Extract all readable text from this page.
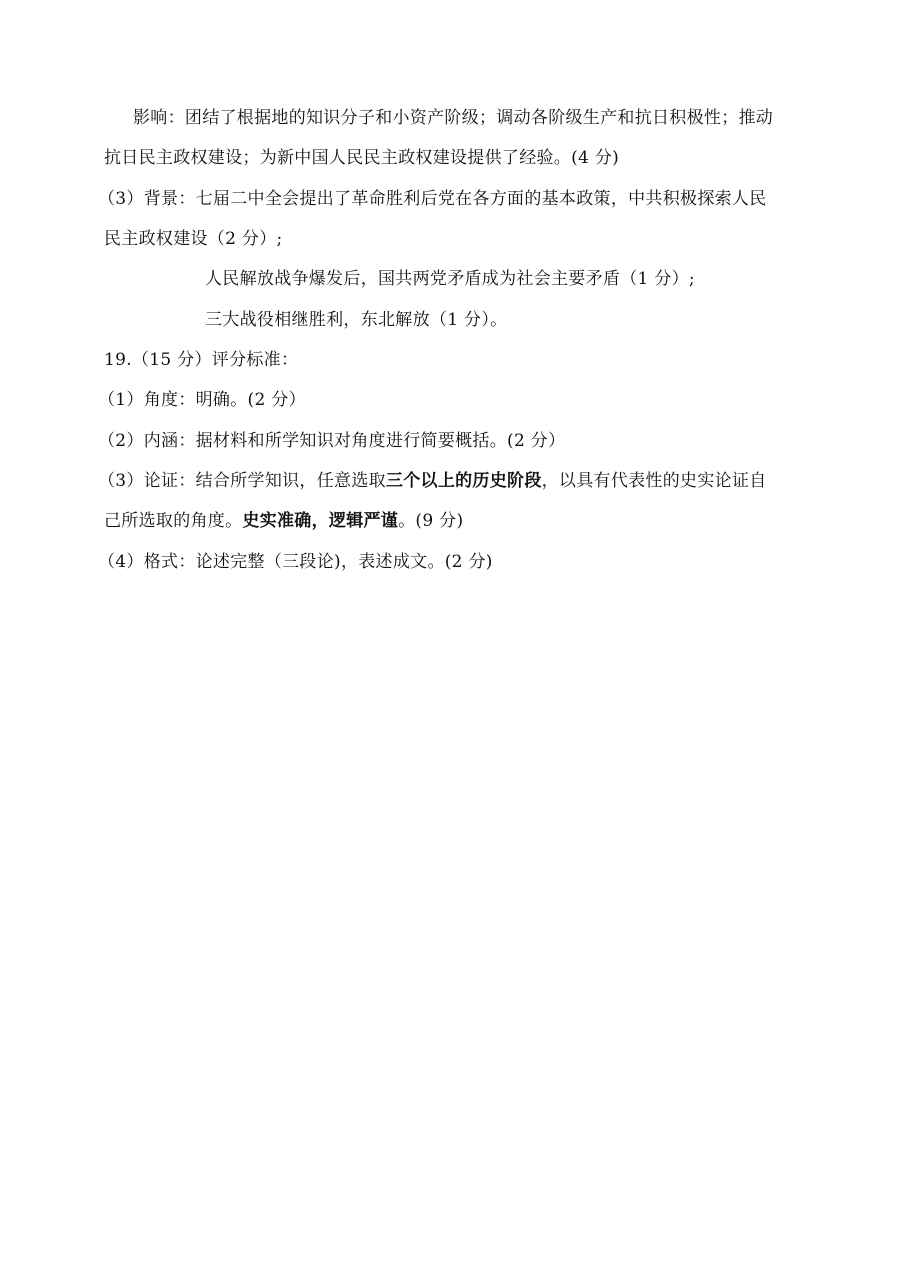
影响：团结了根据地的知识分子和小资产阶级；调动各阶级生产和抗日积极性；推动
抗日民主政权建设；为新中国人民民主政权建设提供了经验。(4 分)
（3）背景：七届二中全会提出了革命胜利后党在各方面的基本政策，中共积极探索人民
民主政权建设（2 分）;
人民解放战争爆发后，国共两党矛盾成为社会主要矛盾（1 分）;
三大战役相继胜利，东北解放（1 分）。
19.（15 分）评分标准：
（1）角度：明确。(2 分）
（2）内涵：据材料和所学知识对角度进行简要概括。(2 分）
（3）论证：结合所学知识，任意选取三个以上的历史阶段，以具有代表性的史实论证自
己所选取的角度。史实准确，逻辑严谨。(9 分)
（4）格式：论述完整（三段论)，表述成文。(2 分)
